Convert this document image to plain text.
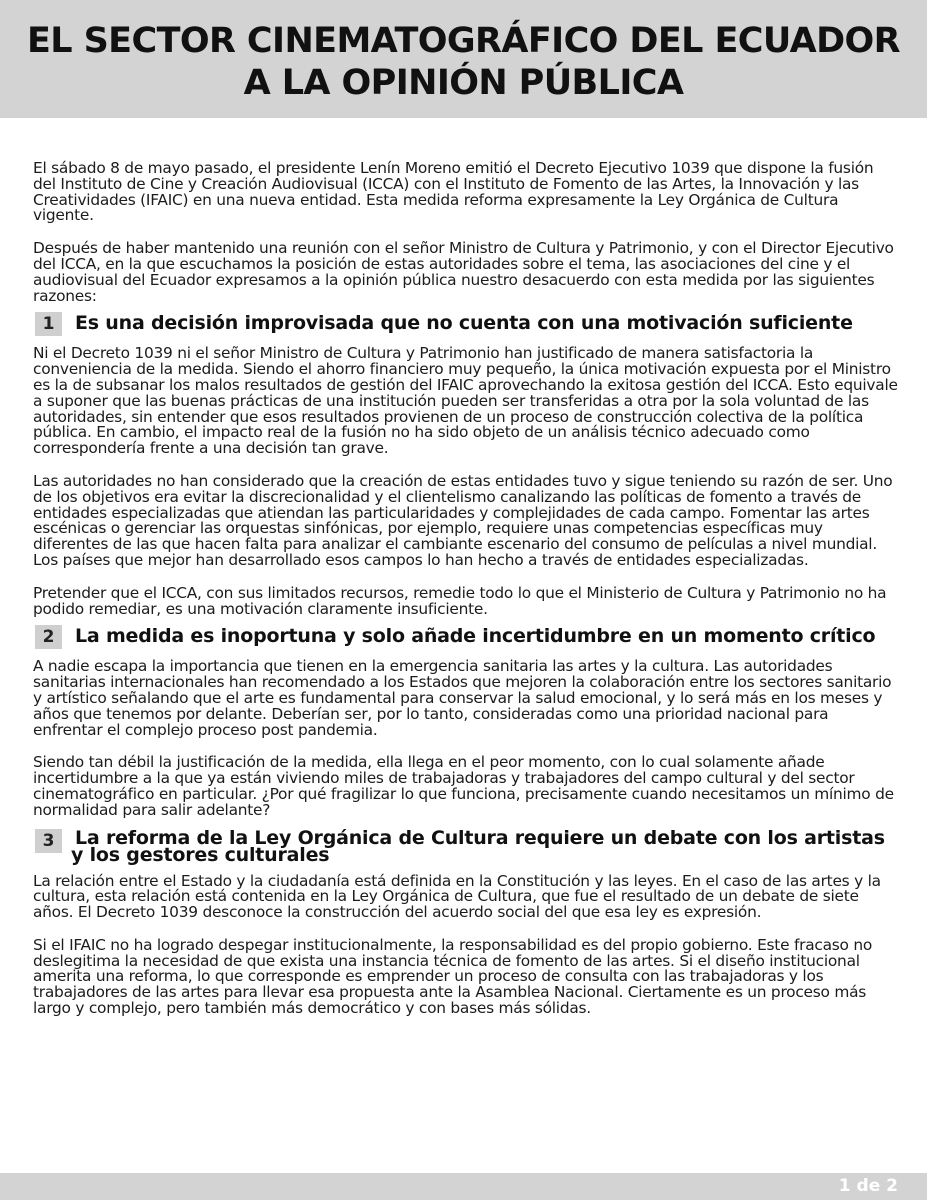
EL SECTOR CINEMATOGRÁFICO DEL ECUADOR
A LA OPINIÓN PÚBLICA

El sábado 8 de mayo pasado, el presidente Lenín Moreno emitió el Decreto Ejecutivo 1039 que dispone la fusión del Instituto de Cine y Creación Audiovisual (ICCA) con el Instituto de Fomento de las Artes, la Innovación y las Creatividades (IFAIC) en una nueva entidad. Esta medida reforma expresamente la Ley Orgánica de Cultura vigente.

Después de haber mantenido una reunión con el señor Ministro de Cultura y Patrimonio, y con el Director Ejecutivo del ICCA, en la que escuchamos la posición de estas autoridades sobre el tema, las asociaciones del cine y el audiovisual del Ecuador expresamos a la opinión pública nuestro desacuerdo con esta medida por las siguientes razones:

1	Es una decisión improvisada que no cuenta con una motivación suficiente

Ni el Decreto 1039 ni el señor Ministro de Cultura y Patrimonio han justificado de manera satisfactoria la conveniencia de la medida. Siendo el ahorro financiero muy pequeño, la única motivación expuesta por el Ministro es la de subsanar los malos resultados de gestión del IFAIC aprovechando la exitosa gestión del ICCA. Esto equivale a suponer que las buenas prácticas de una institución pueden ser transferidas a otra por la sola voluntad de las autoridades, sin entender que esos resultados provienen de un proceso de construcción colectiva de la política pública. En cambio, el impacto real de la fusión no ha sido objeto de un análisis técnico adecuado como correspondería frente a una decisión tan grave.

Las autoridades no han considerado que la creación de estas entidades tuvo y sigue teniendo su razón de ser. Uno de los objetivos era evitar la discrecionalidad y el clientelismo canalizando las políticas de fomento a través de entidades especializadas que atiendan las particularidades y complejidades de cada campo. Fomentar las artes escénicas o gerenciar las orquestas sinfónicas, por ejemplo, requiere unas competencias específicas muy diferentes de las que hacen falta para analizar el cambiante escenario del consumo de películas a nivel mundial. Los países que mejor han desarrollado esos campos lo han hecho a través de entidades especializadas.

Pretender que el ICCA, con sus limitados recursos, remedie todo lo que el Ministerio de Cultura y Patrimonio no ha podido remediar, es una motivación claramente insuficiente.

2	La medida es inoportuna y solo añade incertidumbre en un momento crítico

A nadie escapa la importancia que tienen en la emergencia sanitaria las artes y la cultura. Las autoridades sanitarias internacionales han recomendado a los Estados que mejoren la colaboración entre los sectores sanitario y artístico señalando que el arte es fundamental para conservar la salud emocional, y lo será más en los meses y años que tenemos por delante. Deberían ser, por lo tanto, consideradas como una prioridad nacional para enfrentar el complejo proceso post pandemia.

Siendo tan débil la justificación de la medida, ella llega en el peor momento, con lo cual solamente añade incertidumbre a la que ya están viviendo miles de trabajadoras y trabajadores del campo cultural y del sector cinematográfico en particular. ¿Por qué fragilizar lo que funciona, precisamente cuando necesitamos un mínimo de normalidad para salir adelante?

3	La reforma de la Ley Orgánica de Cultura requiere un debate con los artistas
y los gestores culturales

La relación entre el Estado y la ciudadanía está definida en la Constitución y las leyes. En el caso de las artes y la cultura, esta relación está contenida en la Ley Orgánica de Cultura, que fue el resultado de un debate de siete años. El Decreto 1039 desconoce la construcción del acuerdo social del que esa ley es expresión.

Si el IFAIC no ha logrado despegar institucionalmente, la responsabilidad es del propio gobierno. Este fracaso no deslegitima la necesidad de que exista una instancia técnica de fomento de las artes. Si el diseño institucional amerita una reforma, lo que corresponde es emprender un proceso de consulta con las trabajadoras y los trabajadores de las artes para llevar esa propuesta ante la Asamblea Nacional. Ciertamente es un proceso más largo y complejo, pero también más democrático y con bases más sólidas.

1 de 2
